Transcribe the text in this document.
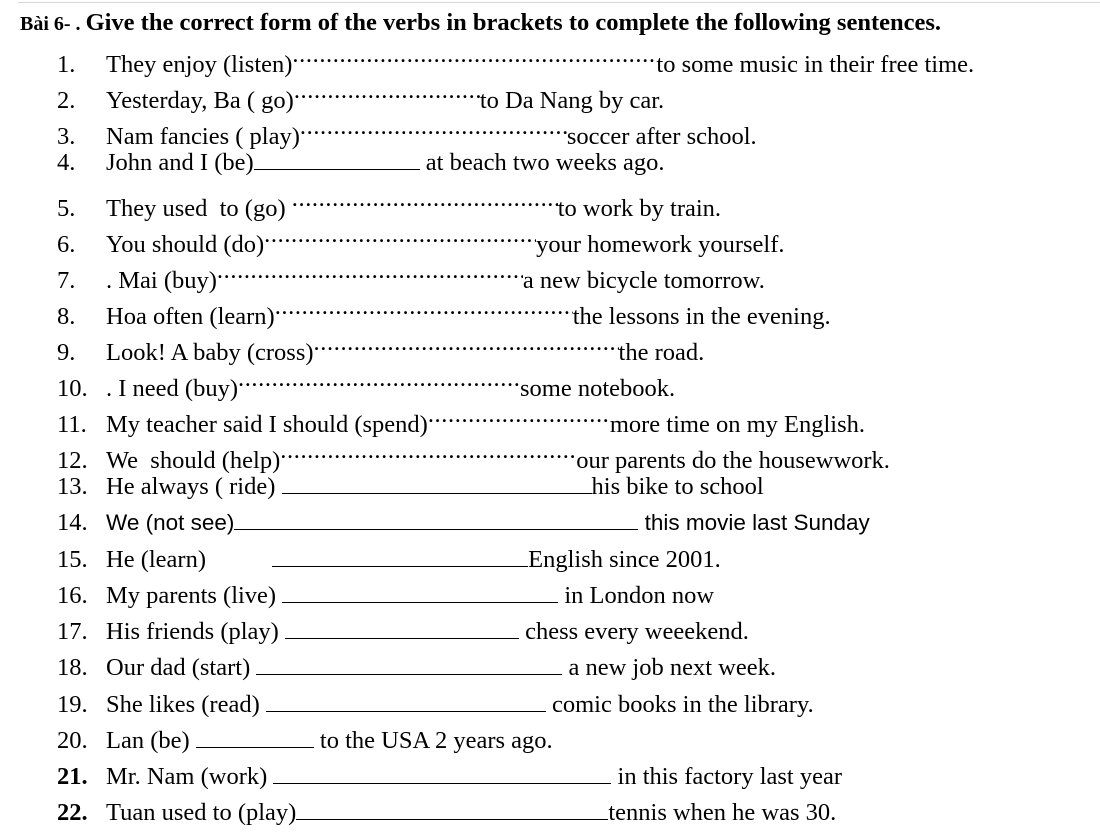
Bài 6- . Give the correct form of the verbs in brackets to complete the following sentences.
1. They enjoy (listen) .....	to some music in their free time.
2. Yesterday, Ba ( go) .....	to Da Nang by car.
3. Nam fancies ( play) .....	soccer after school.
4. John and I (be)	at beach two weeks ago.
5. They used  to (go) .....	to work by train.
6. You should (do) .....	your homework yourself.
7. . Mai (buy) .....	a new bicycle tomorrow.
8. Hoa often (learn) .....	the lessons in the evening.
9. Look! A baby (cross) .....	the road.
10. . I need (buy) .....	some notebook.
11. My teacher said I should (spend) .....	more time on my English.
12. We  should (help) .....	our parents do the housewwork.
13. He always ( ride)	his bike to school
14. We (not see)	this movie last Sunday
15. He (learn)	English since 2001.
16. My parents (live)	in London now
17. His friends (play)	chess every weeekend.
18. Our dad (start)	a new job next week.
19. She likes (read)	comic books in the library.
20. Lan (be)	to the USA 2 years ago.
21. Mr. Nam (work)	in this factory last year
22. Tuan used to (play)	tennis when he was 30.
